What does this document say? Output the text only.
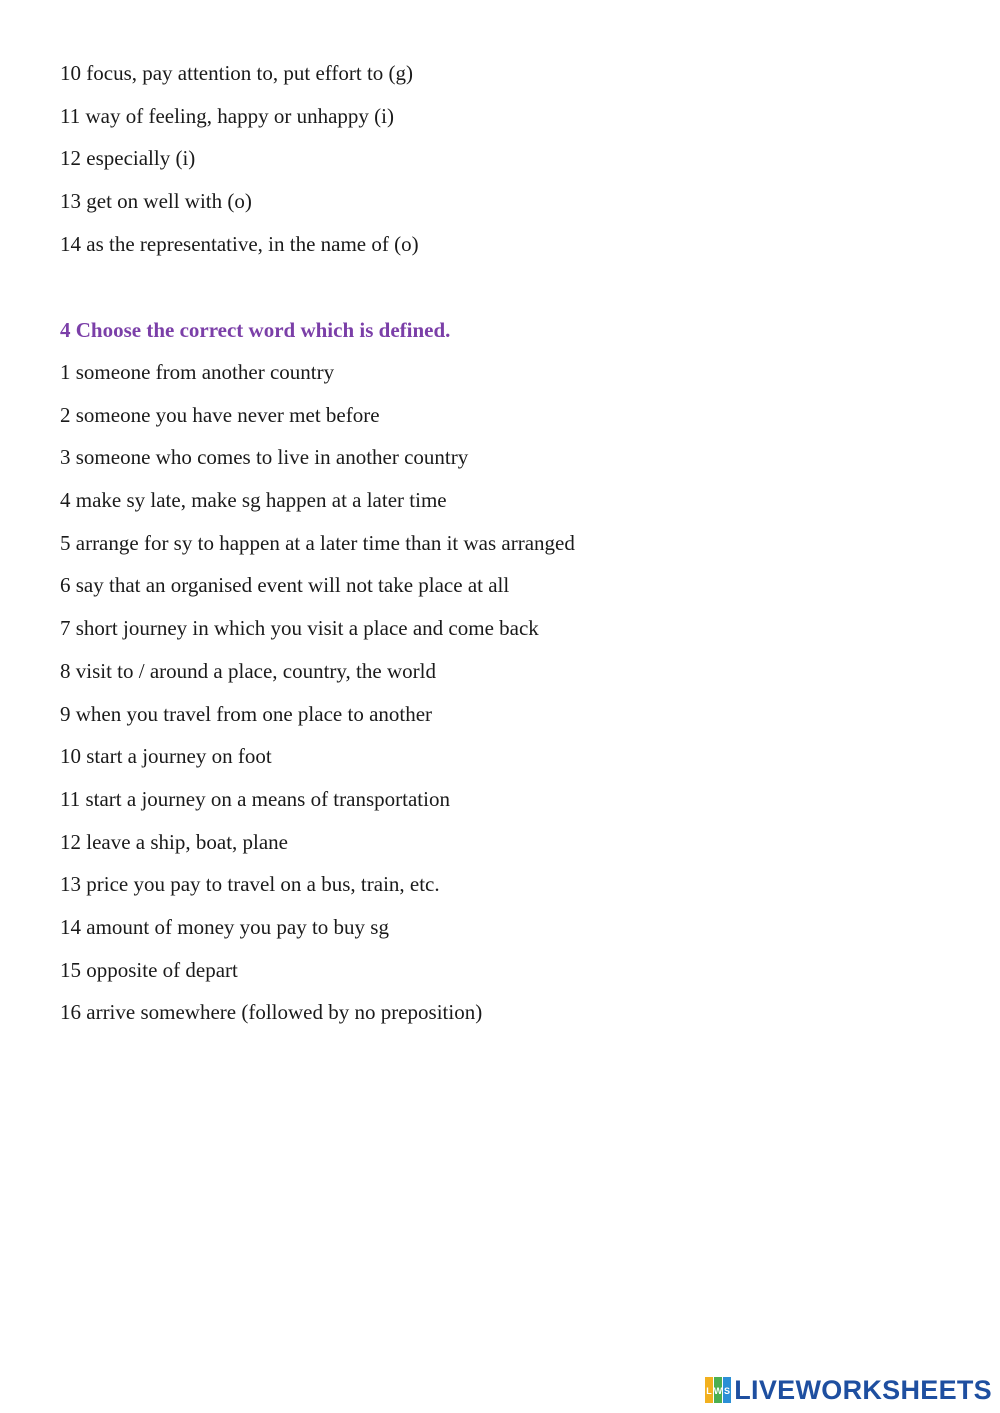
10 focus, pay attention to, put effort to (g)
11 way of feeling, happy or unhappy (i)
12 especially (i)
13 get on well with (o)
14 as the representative, in the name of (o)
4 Choose the correct word which is defined.
1 someone from another country
2 someone you have never met before
3 someone who comes to live in another country
4 make sy late, make sg happen at a later time
5 arrange for sy to happen at a later time than it was arranged
6 say that an organised event will not take place at all
7 short journey in which you visit a place and come back
8 visit to / around a place, country, the world
9 when you travel from one place to another
10 start a journey on foot
11 start a journey on a means of transportation
12 leave a ship, boat, plane
13 price you pay to travel on a bus, train, etc.
14 amount of money you pay to buy sg
15 opposite of depart
16 arrive somewhere (followed by no preposition)
L W S LIVEWORKSHEETS
